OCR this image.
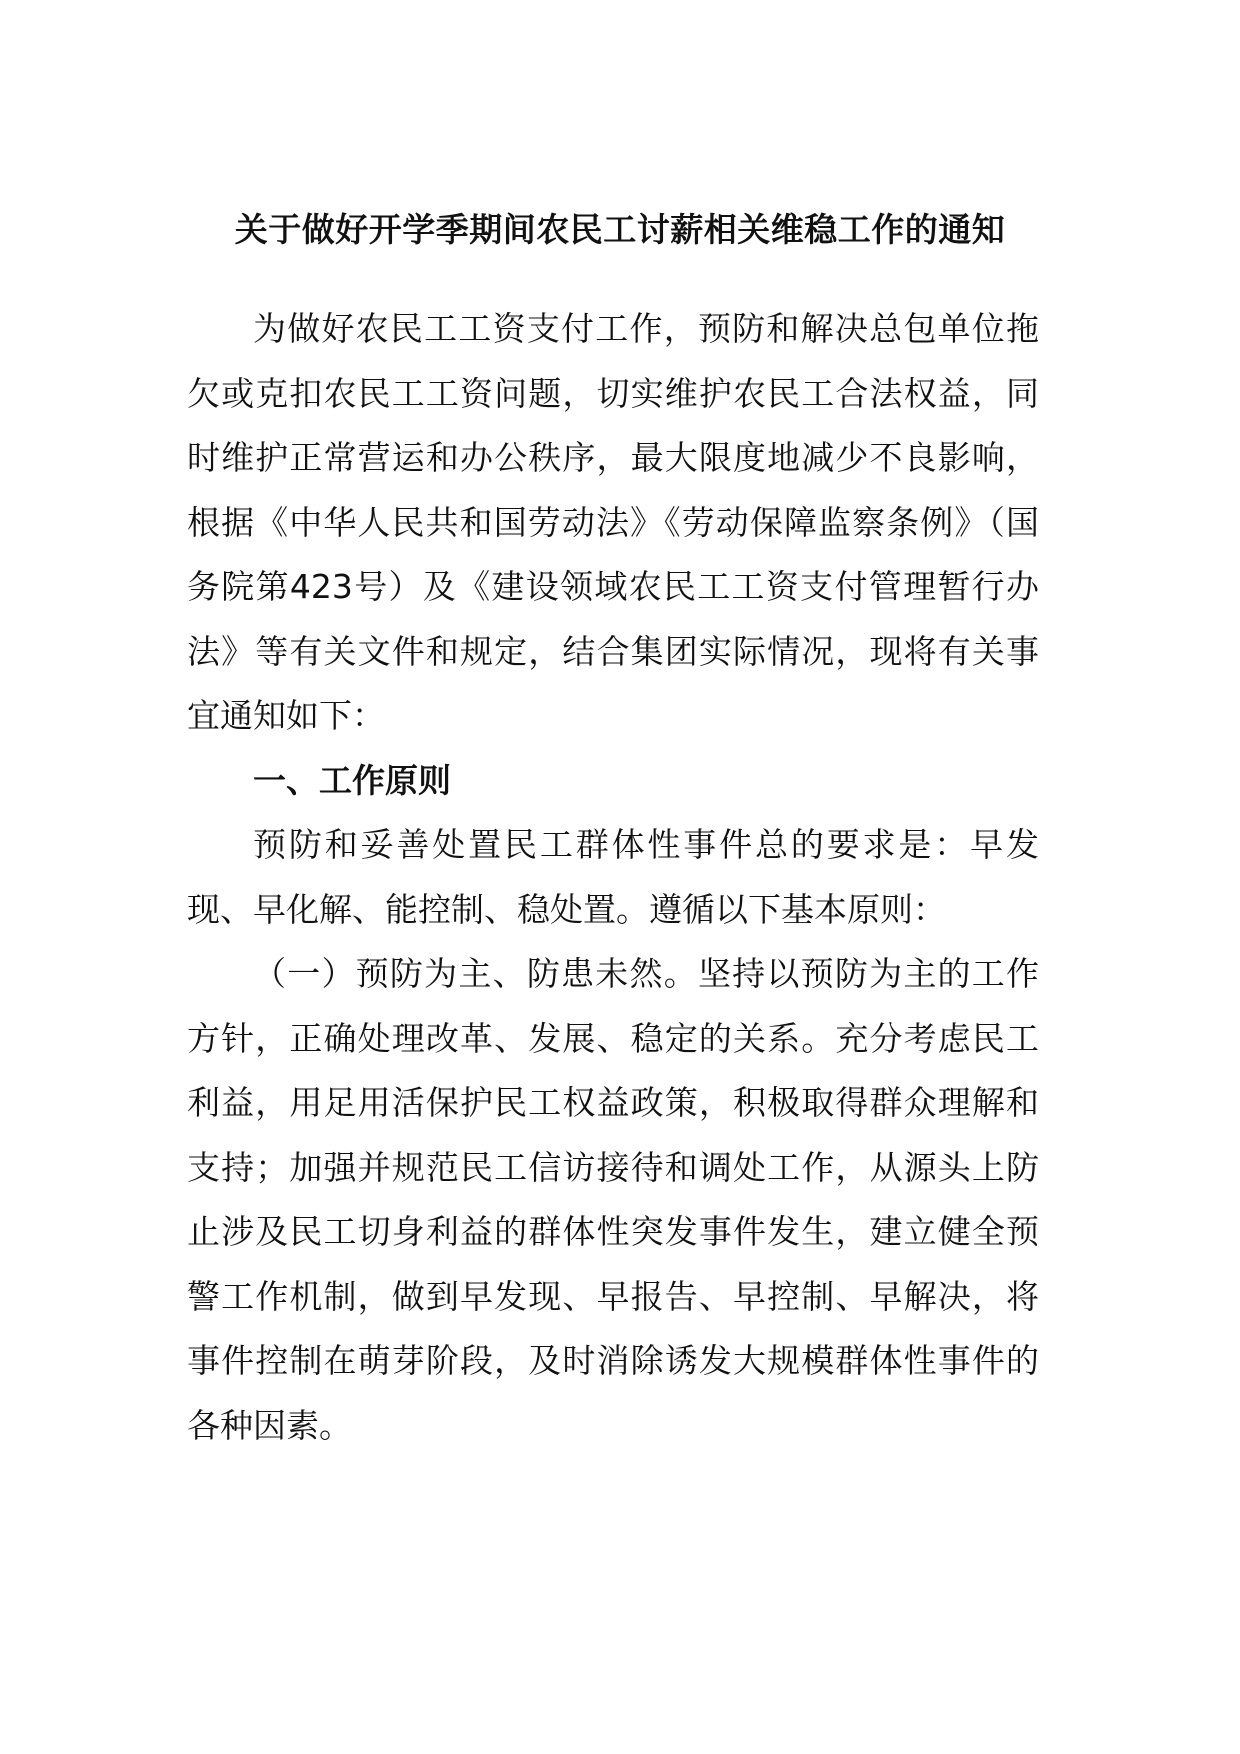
关于做好开学季期间农民工讨薪相关维稳工作的通知

为做好农民工工资支付工作，预防和解决总包单位拖欠或克扣农民工工资问题，切实维护农民工合法权益，同时维护正常营运和办公秩序，最大限度地减少不良影响，根据《中华人民共和国劳动法》《劳动保障监察条例》（国务院第423号）及《建设领域农民工工资支付管理暂行办法》等有关文件和规定，结合集团实际情况，现将有关事宜通知如下：

一、工作原则

预防和妥善处置民工群体性事件总的要求是：早发现、早化解、能控制、稳处置。遵循以下基本原则：

（一）预防为主、防患未然。坚持以预防为主的工作方针，正确处理改革、发展、稳定的关系。充分考虑民工利益，用足用活保护民工权益政策，积极取得群众理解和支持；加强并规范民工信访接待和调处工作，从源头上防止涉及民工切身利益的群体性突发事件发生，建立健全预警工作机制，做到早发现、早报告、早控制、早解决，将事件控制在萌芽阶段，及时消除诱发大规模群体性事件的各种因素。
